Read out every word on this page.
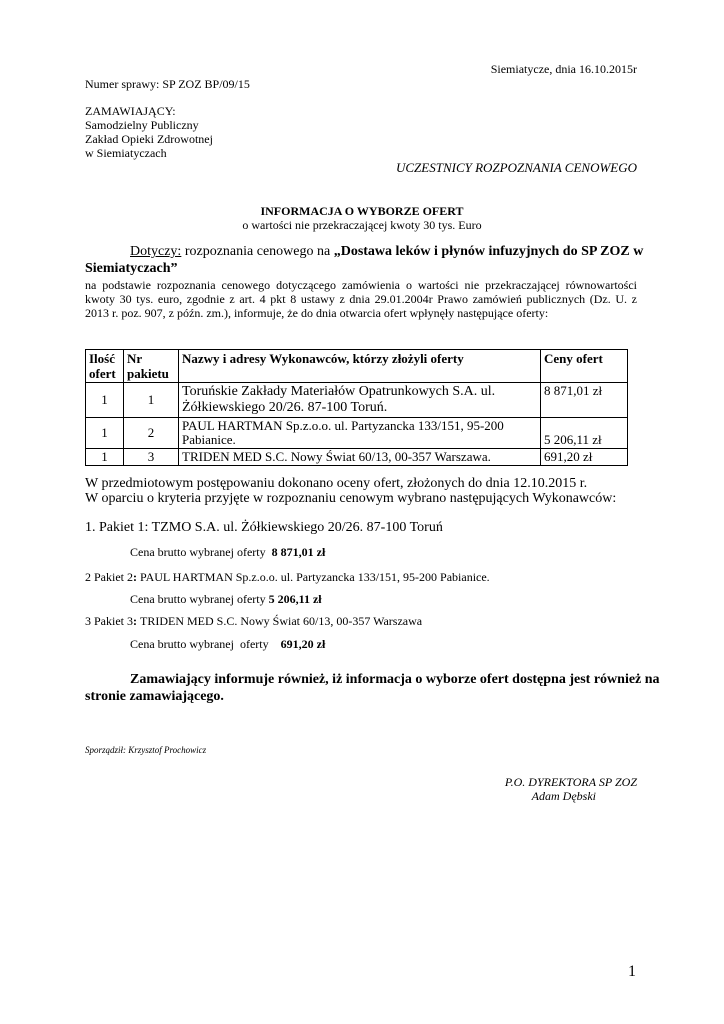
Siemiatycze, dnia 16.10.2015r
Numer sprawy: SP ZOZ BP/09/15
ZAMAWIAJĄCY:
Samodzielny Publiczny
Zakład Opieki Zdrowotnej
w Siemiatyczach
UCZESTNICY ROZPOZNANIA CENOWEGO
INFORMACJA O WYBORZE OFERT
o wartości nie przekraczającej kwoty 30 tys. Euro
Dotyczy: rozpoznania cenowego na „Dostawa leków i płynów infuzyjnych do SP ZOZ w
Siemiatyczach”
na podstawie rozpoznania cenowego dotyczącego zamówienia o wartości nie przekraczającej równowartości
kwoty 30 tys. euro, zgodnie z art. 4 pkt 8 ustawy z dnia 29.01.2004r Prawo zamówień publicznych (Dz. U. z
2013 r. poz. 907, z późn. zm.), informuje, że do dnia otwarcia ofert wpłynęły następujące oferty:
Ilość ofert	Nr pakietu	Nazwy i adresy Wykonawców, którzy złożyli oferty	Ceny ofert
1	1	Toruńskie Zakłady Materiałów Opatrunkowych S.A. ul. Żółkiewskiego 20/26. 87-100 Toruń.	8 871,01 zł
1	2	PAUL HARTMAN Sp.z.o.o. ul. Partyzancka 133/151, 95-200 Pabianice.	5 206,11 zł
1	3	TRIDEN MED S.C. Nowy Świat 60/13, 00-357 Warszawa.	691,20 zł
W przedmiotowym postępowaniu dokonano oceny ofert, złożonych do dnia 12.10.2015 r.
W oparciu o kryteria przyjęte w rozpoznaniu cenowym wybrano następujących Wykonawców:
1. Pakiet 1: TZMO S.A. ul. Żółkiewskiego 20/26. 87-100 Toruń
Cena brutto wybranej oferty  8 871,01 zł
2 Pakiet 2: PAUL HARTMAN Sp.z.o.o. ul. Partyzancka 133/151, 95-200 Pabianice.
Cena brutto wybranej oferty 5 206,11 zł
3 Pakiet 3: TRIDEN MED S.C. Nowy Świat 60/13, 00-357 Warszawa
Cena brutto wybranej  oferty    691,20 zł
Zamawiający informuje również, iż informacja o wyborze ofert dostępna jest również na
stronie zamawiającego.
Sporządził: Krzysztof Prochowicz
P.O. DYREKTORA SP ZOZ
Adam Dębski
1
